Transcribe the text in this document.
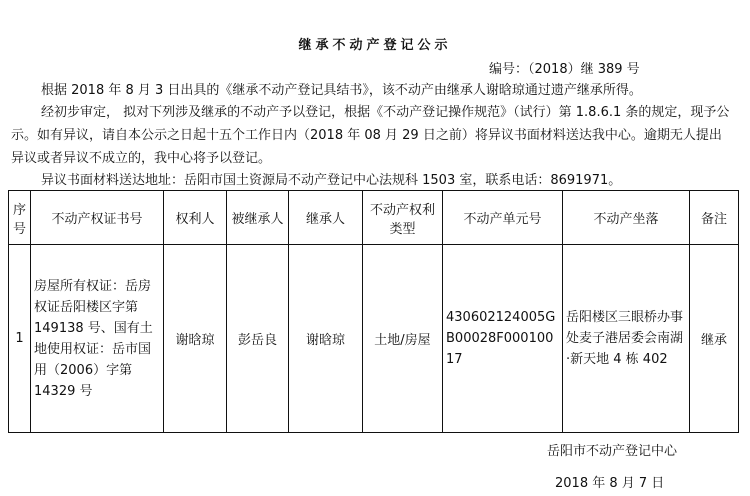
继承不动产登记公示
编号：（2018）继 389 号
根据 2018 年 8 月 3 日出具的《继承不动产登记具结书》，该不动产由继承人谢晗琼通过遗产继承所得。
经初步审定， 拟对下列涉及继承的不动产予以登记，根据《不动产登记操作规范》（试行）第 1.8.6.1 条的规定，现予公示。如有异议，请自本公示之日起十五个工作日内（2018 年 08 月 29 日之前）将异议书面材料送达我中心。逾期无人提出异议或者异议不成立的，我中心将予以登记。
异议书面材料送达地址：岳阳市国土资源局不动产登记中心法规科 1503 室，联系电话：8691971。
序号	不动产权证书号	权利人	被继承人	继承人	不动产权利类型	不动产单元号	不动产坐落	备注
1	房屋所有权证：岳房权证岳阳楼区字第 149138 号、国有土地使用权证：岳市国用（2006）字第 14329 号	谢晗琼	彭岳良	谢晗琼	土地/房屋	430602124005GB00028F00010017	岳阳楼区三眼桥办事处麦子港居委会南湖·新天地 4 栋 402	继承
岳阳市不动产登记中心
2018 年 8 月 7 日
